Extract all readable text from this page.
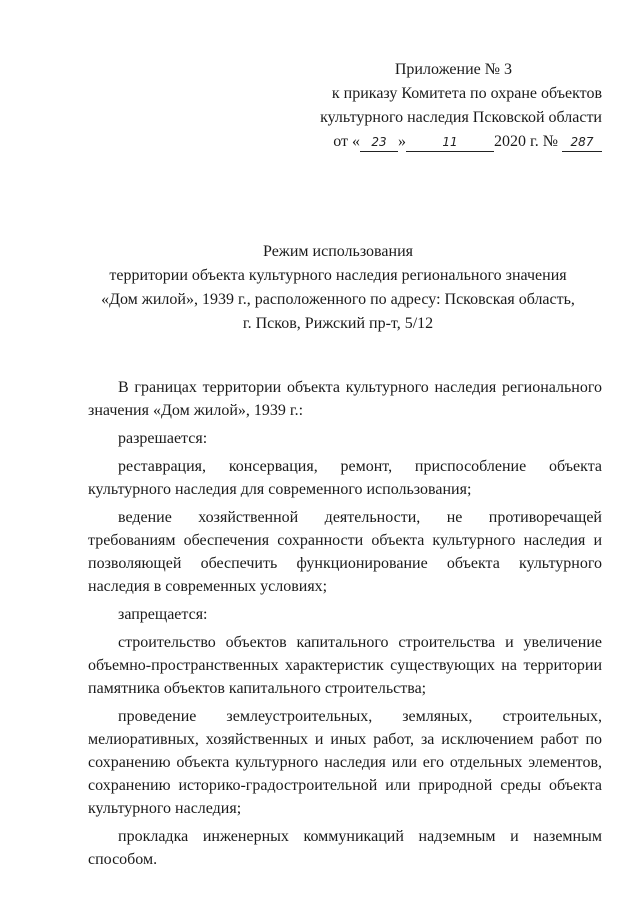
Приложение № 3
к приказу Комитета по охране объектов
культурного наследия Псковской области
от « 23 »	11 2020 г. № 287
Режим использования
территории объекта культурного наследия регионального значения
«Дом жилой», 1939 г., расположенного по адресу: Псковская область,
г. Псков, Рижский пр-т, 5/12

В границах территории объекта культурного наследия регионального значения «Дом жилой», 1939 г.:

разрешается:

реставрация, консервация, ремонт, приспособление объекта культурного наследия для современного использования;

ведение хозяйственной деятельности, не противоречащей требованиям обеспечения сохранности объекта культурного наследия и позволяющей обеспечить функционирование объекта культурного наследия в современных условиях;

запрещается:

строительство объектов капитального строительства и увеличение объемно-пространственных характеристик существующих на территории памятника объектов капитального строительства;

проведение землеустроительных, земляных, строительных, мелиоративных, хозяйственных и иных работ, за исключением работ по сохранению объекта культурного наследия или его отдельных элементов, сохранению историко-градостроительной или природной среды объекта культурного наследия;

прокладка инженерных коммуникаций надземным и наземным способом.
